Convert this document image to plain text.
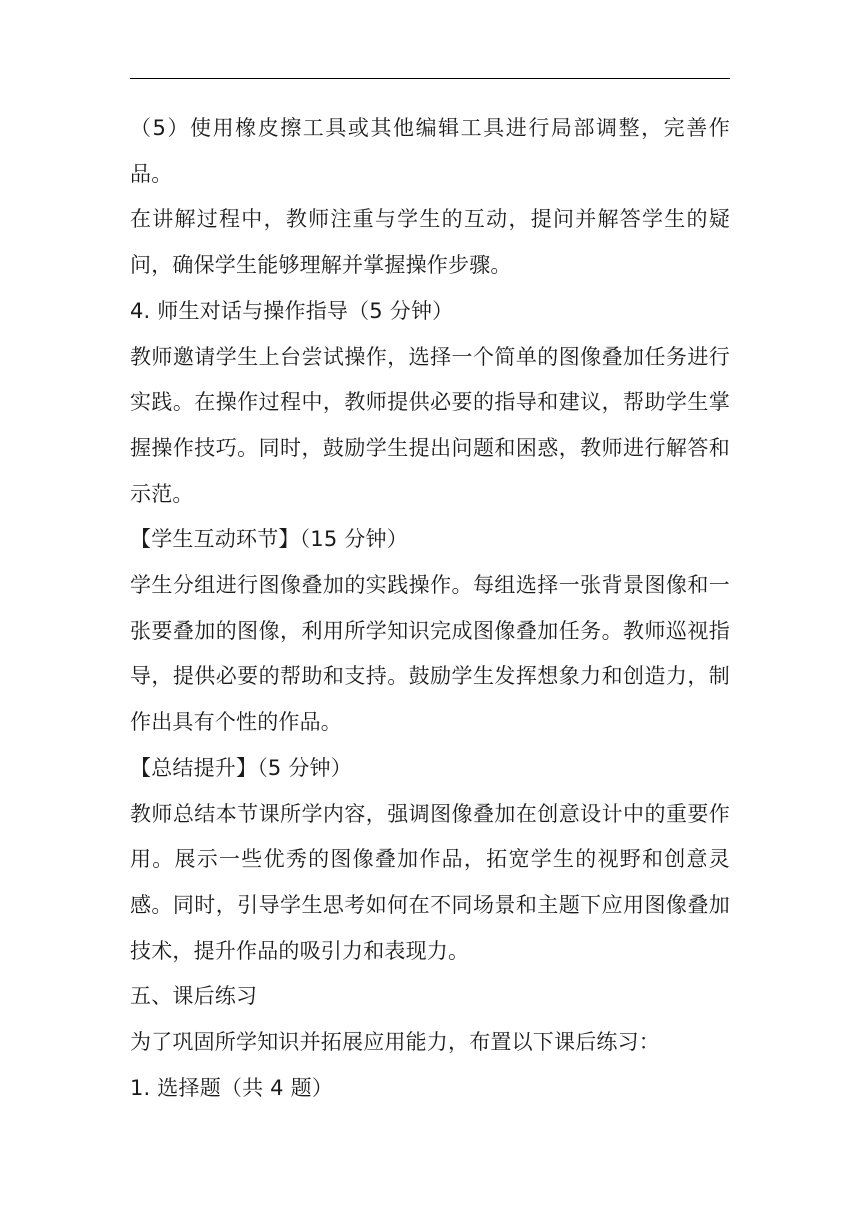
（5）使用橡皮擦工具或其他编辑工具进行局部调整，完善作品。

在讲解过程中，教师注重与学生的互动，提问并解答学生的疑问，确保学生能够理解并掌握操作步骤。

4. 师生对话与操作指导（5 分钟）

教师邀请学生上台尝试操作，选择一个简单的图像叠加任务进行实践。在操作过程中，教师提供必要的指导和建议，帮助学生掌握操作技巧。同时，鼓励学生提出问题和困惑，教师进行解答和示范。

【学生互动环节】（15 分钟）

学生分组进行图像叠加的实践操作。每组选择一张背景图像和一张要叠加的图像，利用所学知识完成图像叠加任务。教师巡视指导，提供必要的帮助和支持。鼓励学生发挥想象力和创造力，制作出具有个性的作品。

【总结提升】（5 分钟）

教师总结本节课所学内容，强调图像叠加在创意设计中的重要作用。展示一些优秀的图像叠加作品，拓宽学生的视野和创意灵感。同时，引导学生思考如何在不同场景和主题下应用图像叠加技术，提升作品的吸引力和表现力。

五、课后练习

为了巩固所学知识并拓展应用能力，布置以下课后练习：

1. 选择题（共 4 题）
